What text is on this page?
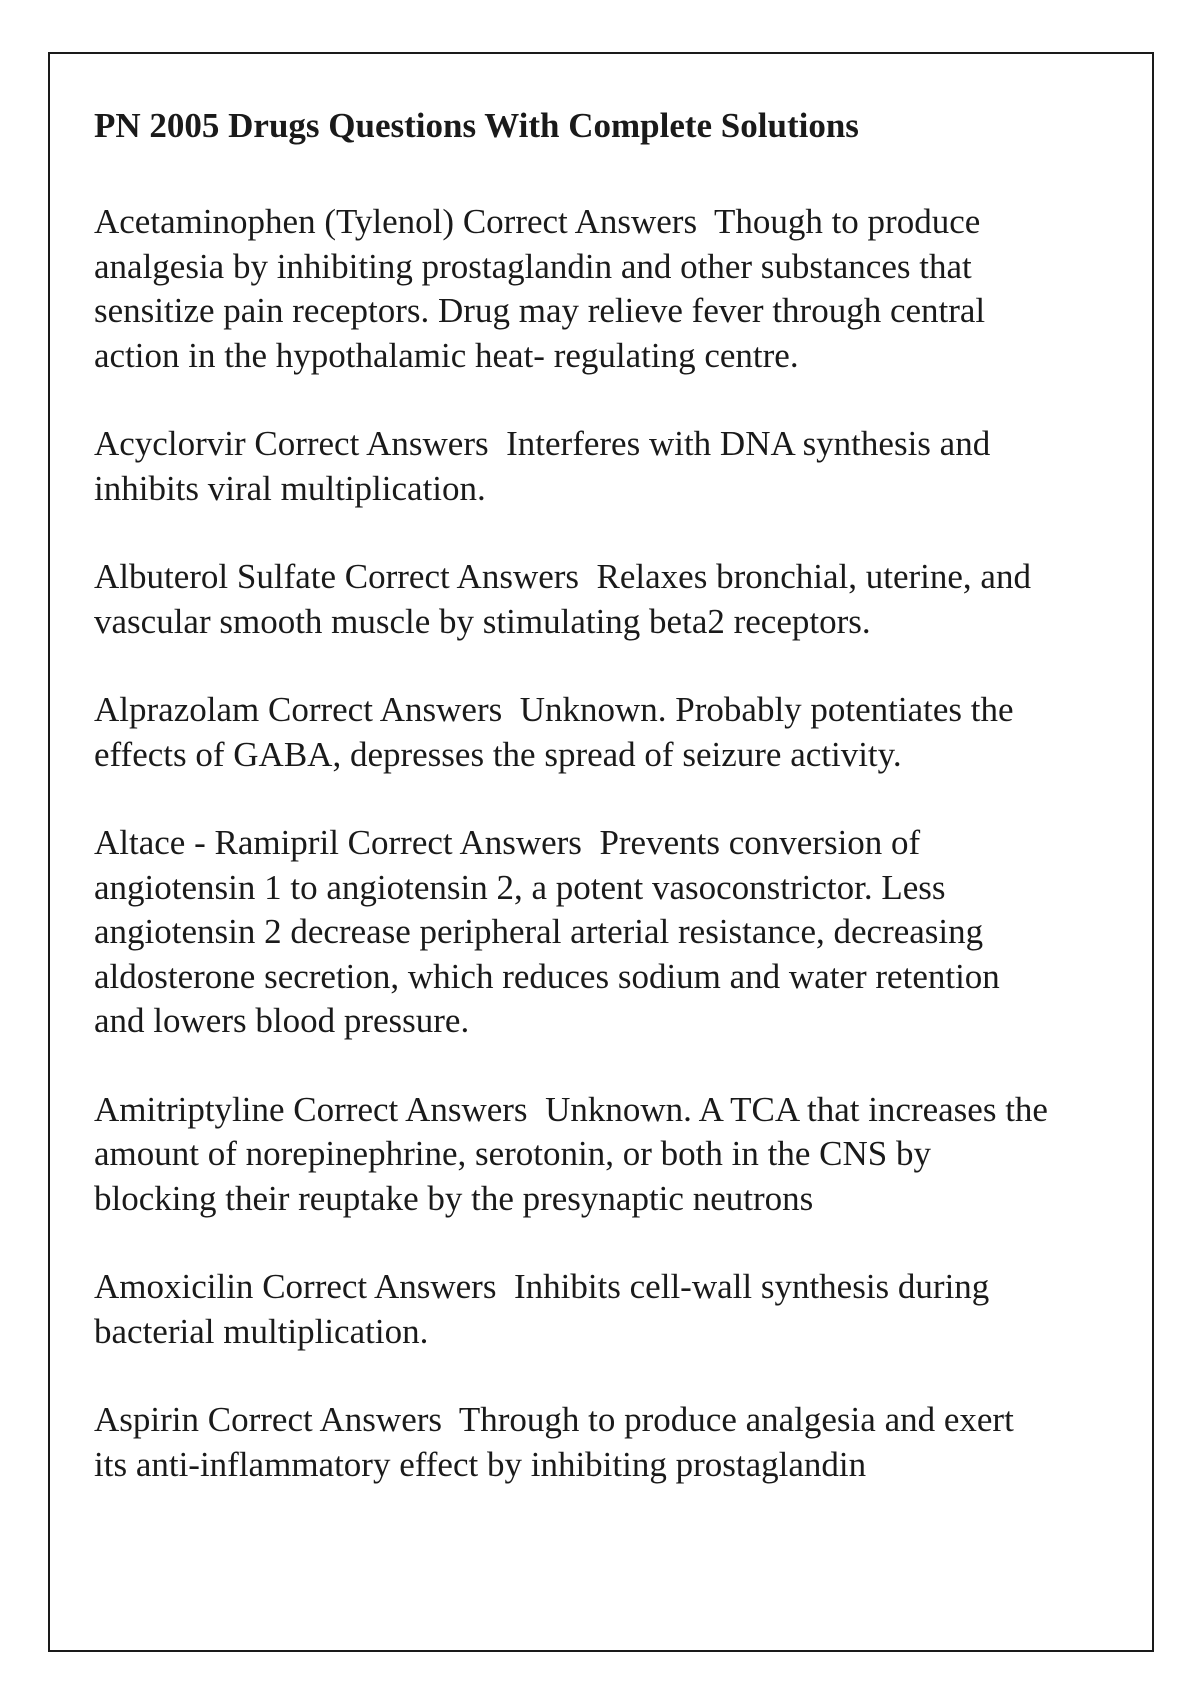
PN 2005 Drugs Questions With Complete Solutions

Acetaminophen (Tylenol) Correct Answers  Though to produce analgesia by inhibiting prostaglandin and other substances that sensitize pain receptors. Drug may relieve fever through central action in the hypothalamic heat- regulating centre.

Acyclorvir Correct Answers  Interferes with DNA synthesis and inhibits viral multiplication.

Albuterol Sulfate Correct Answers  Relaxes bronchial, uterine, and vascular smooth muscle by stimulating beta2 receptors.

Alprazolam Correct Answers  Unknown. Probably potentiates the effects of GABA, depresses the spread of seizure activity.

Altace - Ramipril Correct Answers  Prevents conversion of angiotensin 1 to angiotensin 2, a potent vasoconstrictor. Less angiotensin 2 decrease peripheral arterial resistance, decreasing aldosterone secretion, which reduces sodium and water retention and lowers blood pressure.

Amitriptyline Correct Answers  Unknown. A TCA that increases the amount of norepinephrine, serotonin, or both in the CNS by blocking their reuptake by the presynaptic neutrons

Amoxicilin Correct Answers  Inhibits cell-wall synthesis during bacterial multiplication.

Aspirin Correct Answers  Through to produce analgesia and exert its anti-inflammatory effect by inhibiting prostaglandin
